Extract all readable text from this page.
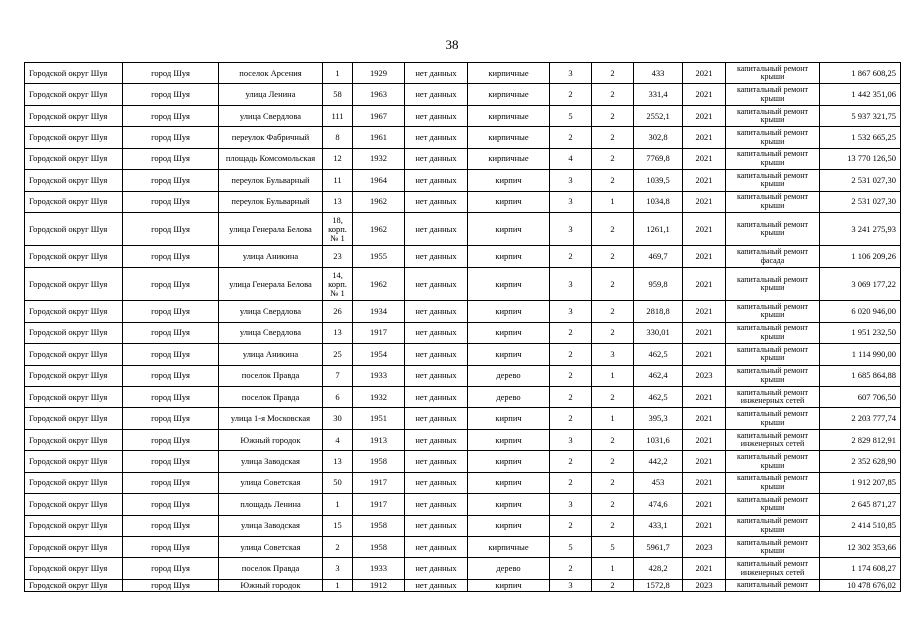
38
Городской округ Шуя	город Шуя	поселок Арсения	1	1929	нет данных	кирпичные	3	2	433	2021	капитальный ремонт крыши	1 867 608,25
Городской округ Шуя	город Шуя	улица Ленина	58	1963	нет данных	кирпичные	2	2	331,4	2021	капитальный ремонт крыши	1 442 351,06
Городской округ Шуя	город Шуя	улица Свердлова	111	1967	нет данных	кирпичные	5	2	2552,1	2021	капитальный ремонт крыши	5 937 321,75
Городской округ Шуя	город Шуя	переулок Фабричный	8	1961	нет данных	кирпичные	2	2	302,8	2021	капитальный ремонт крыши	1 532 665,25
Городской округ Шуя	город Шуя	площадь Комсомольская	12	1932	нет данных	кирпичные	4	2	7769,8	2021	капитальный ремонт крыши	13 770 126,50
Городской округ Шуя	город Шуя	переулок Бульварный	11	1964	нет данных	кирпич	3	2	1039,5	2021	капитальный ремонт крыши	2 531 027,30
Городской округ Шуя	город Шуя	переулок Бульварный	13	1962	нет данных	кирпич	3	1	1034,8	2021	капитальный ремонт крыши	2 531 027,30
Городской округ Шуя	город Шуя	улица Генерала Белова	18, корп. № 1	1962	нет данных	кирпич	3	2	1261,1	2021	капитальный ремонт крыши	3 241 275,93
Городской округ Шуя	город Шуя	улица Аникина	23	1955	нет данных	кирпич	2	2	469,7	2021	капитальный ремонт фасада	1 106 209,26
Городской округ Шуя	город Шуя	улица Генерала Белова	14, корп. № 1	1962	нет данных	кирпич	3	2	959,8	2021	капитальный ремонт крыши	3 069 177,22
Городской округ Шуя	город Шуя	улица Свердлова	26	1934	нет данных	кирпич	3	2	2818,8	2021	капитальный ремонт крыши	6 020 946,00
Городской округ Шуя	город Шуя	улица Свердлова	13	1917	нет данных	кирпич	2	2	330,01	2021	капитальный ремонт крыши	1 951 232,50
Городской округ Шуя	город Шуя	улица Аникина	25	1954	нет данных	кирпич	2	3	462,5	2021	капитальный ремонт крыши	1 114 990,00
Городской округ Шуя	город Шуя	поселок Правда	7	1933	нет данных	дерево	2	1	462,4	2023	капитальный ремонт крыши	1 685 864,88
Городской округ Шуя	город Шуя	поселок Правда	6	1932	нет данных	дерево	2	2	462,5	2021	капитальный ремонт инженерных сетей	607 706,50
Городской округ Шуя	город Шуя	улица 1-я Московская	30	1951	нет данных	кирпич	2	1	395,3	2021	капитальный ремонт крыши	2 203 777,74
Городской округ Шуя	город Шуя	Южный городок	4	1913	нет данных	кирпич	3	2	1031,6	2021	капитальный ремонт инженерных сетей	2 829 812,91
Городской округ Шуя	город Шуя	улица Заводская	13	1958	нет данных	кирпич	2	2	442,2	2021	капитальный ремонт крыши	2 352 628,90
Городской округ Шуя	город Шуя	улица Советская	50	1917	нет данных	кирпич	2	2	453	2021	капитальный ремонт крыши	1 912 207,85
Городской округ Шуя	город Шуя	площадь Ленина	1	1917	нет данных	кирпич	3	2	474,6	2021	капитальный ремонт крыши	2 645 871,27
Городской округ Шуя	город Шуя	улица Заводская	15	1958	нет данных	кирпич	2	2	433,1	2021	капитальный ремонт крыши	2 414 510,85
Городской округ Шуя	город Шуя	улица Советская	2	1958	нет данных	кирпичные	5	5	5961,7	2023	капитальный ремонт крыши	12 302 353,66
Городской округ Шуя	город Шуя	поселок Правда	3	1933	нет данных	дерево	2	1	428,2	2021	капитальный ремонт инженерных сетей	1 174 608,27
Городской округ Шуя	город Шуя	Южный городок	1	1912	нет данных	кирпич	3	2	1572,8	2023	капитальный ремонт	10 478 676,02
